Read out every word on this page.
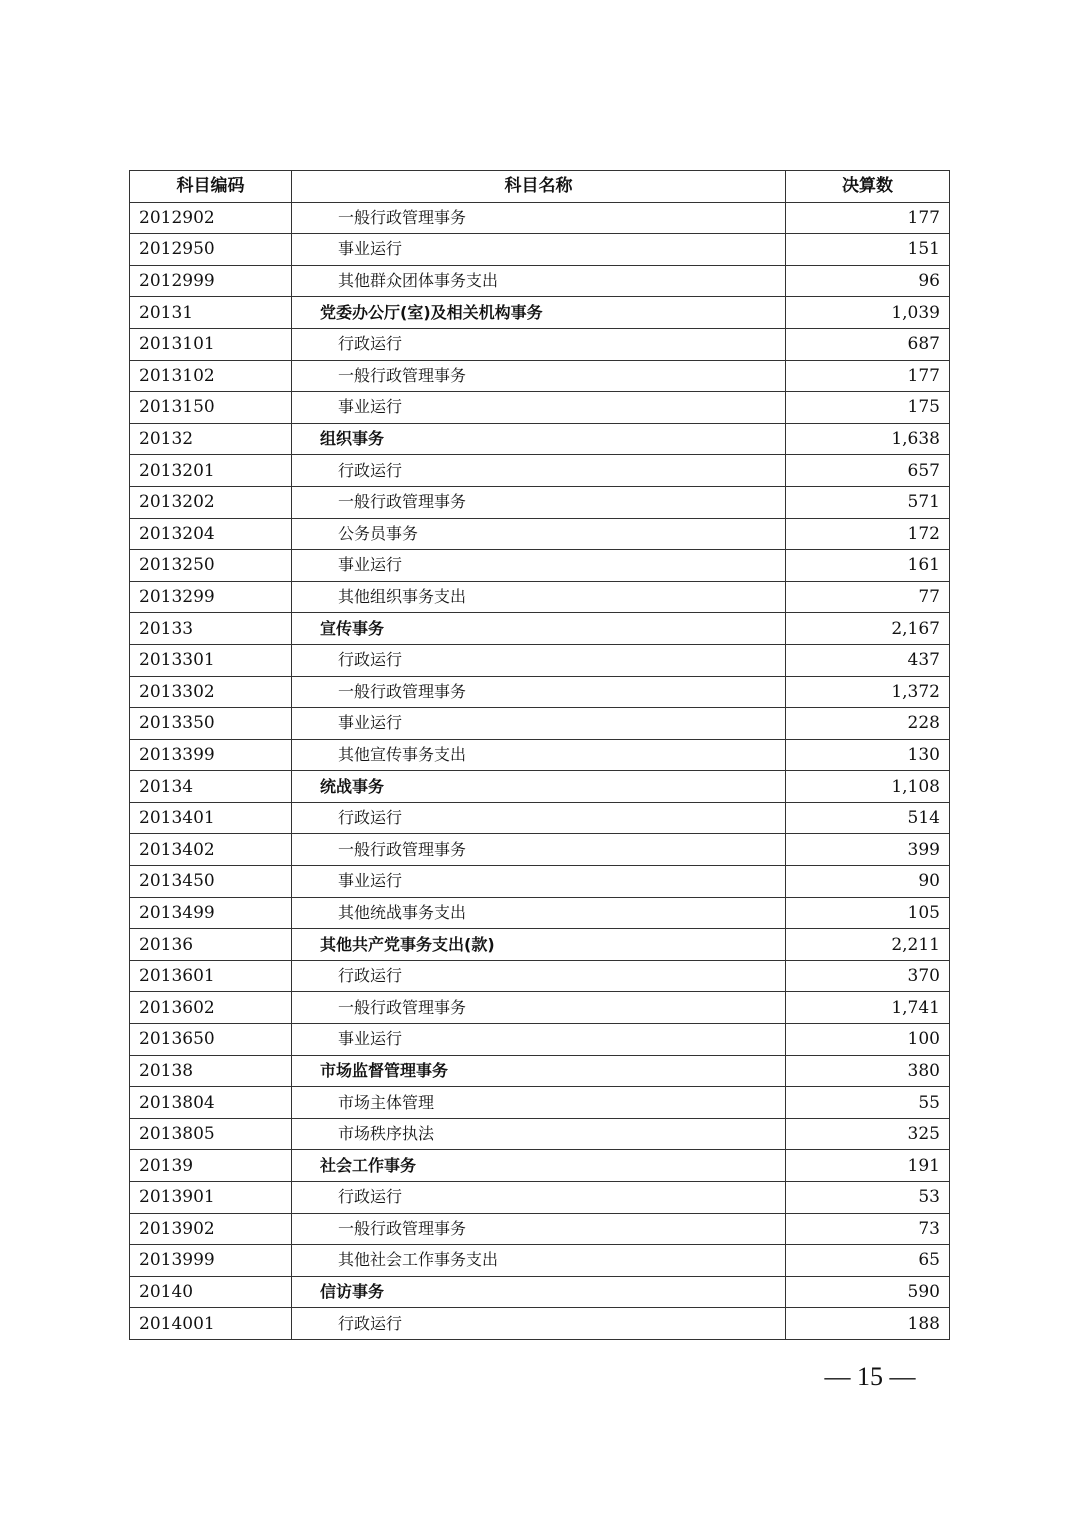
科目编码	科目名称	决算数
2012902	一般行政管理事务	177
2012950	事业运行	151
2012999	其他群众团体事务支出	96
20131	党委办公厅(室)及相关机构事务	1,039
2013101	行政运行	687
2013102	一般行政管理事务	177
2013150	事业运行	175
20132	组织事务	1,638
2013201	行政运行	657
2013202	一般行政管理事务	571
2013204	公务员事务	172
2013250	事业运行	161
2013299	其他组织事务支出	77
20133	宣传事务	2,167
2013301	行政运行	437
2013302	一般行政管理事务	1,372
2013350	事业运行	228
2013399	其他宣传事务支出	130
20134	统战事务	1,108
2013401	行政运行	514
2013402	一般行政管理事务	399
2013450	事业运行	90
2013499	其他统战事务支出	105
20136	其他共产党事务支出(款)	2,211
2013601	行政运行	370
2013602	一般行政管理事务	1,741
2013650	事业运行	100
20138	市场监督管理事务	380
2013804	市场主体管理	55
2013805	市场秩序执法	325
20139	社会工作事务	191
2013901	行政运行	53
2013902	一般行政管理事务	73
2013999	其他社会工作事务支出	65
20140	信访事务	590
2014001	行政运行	188
— 15 —
